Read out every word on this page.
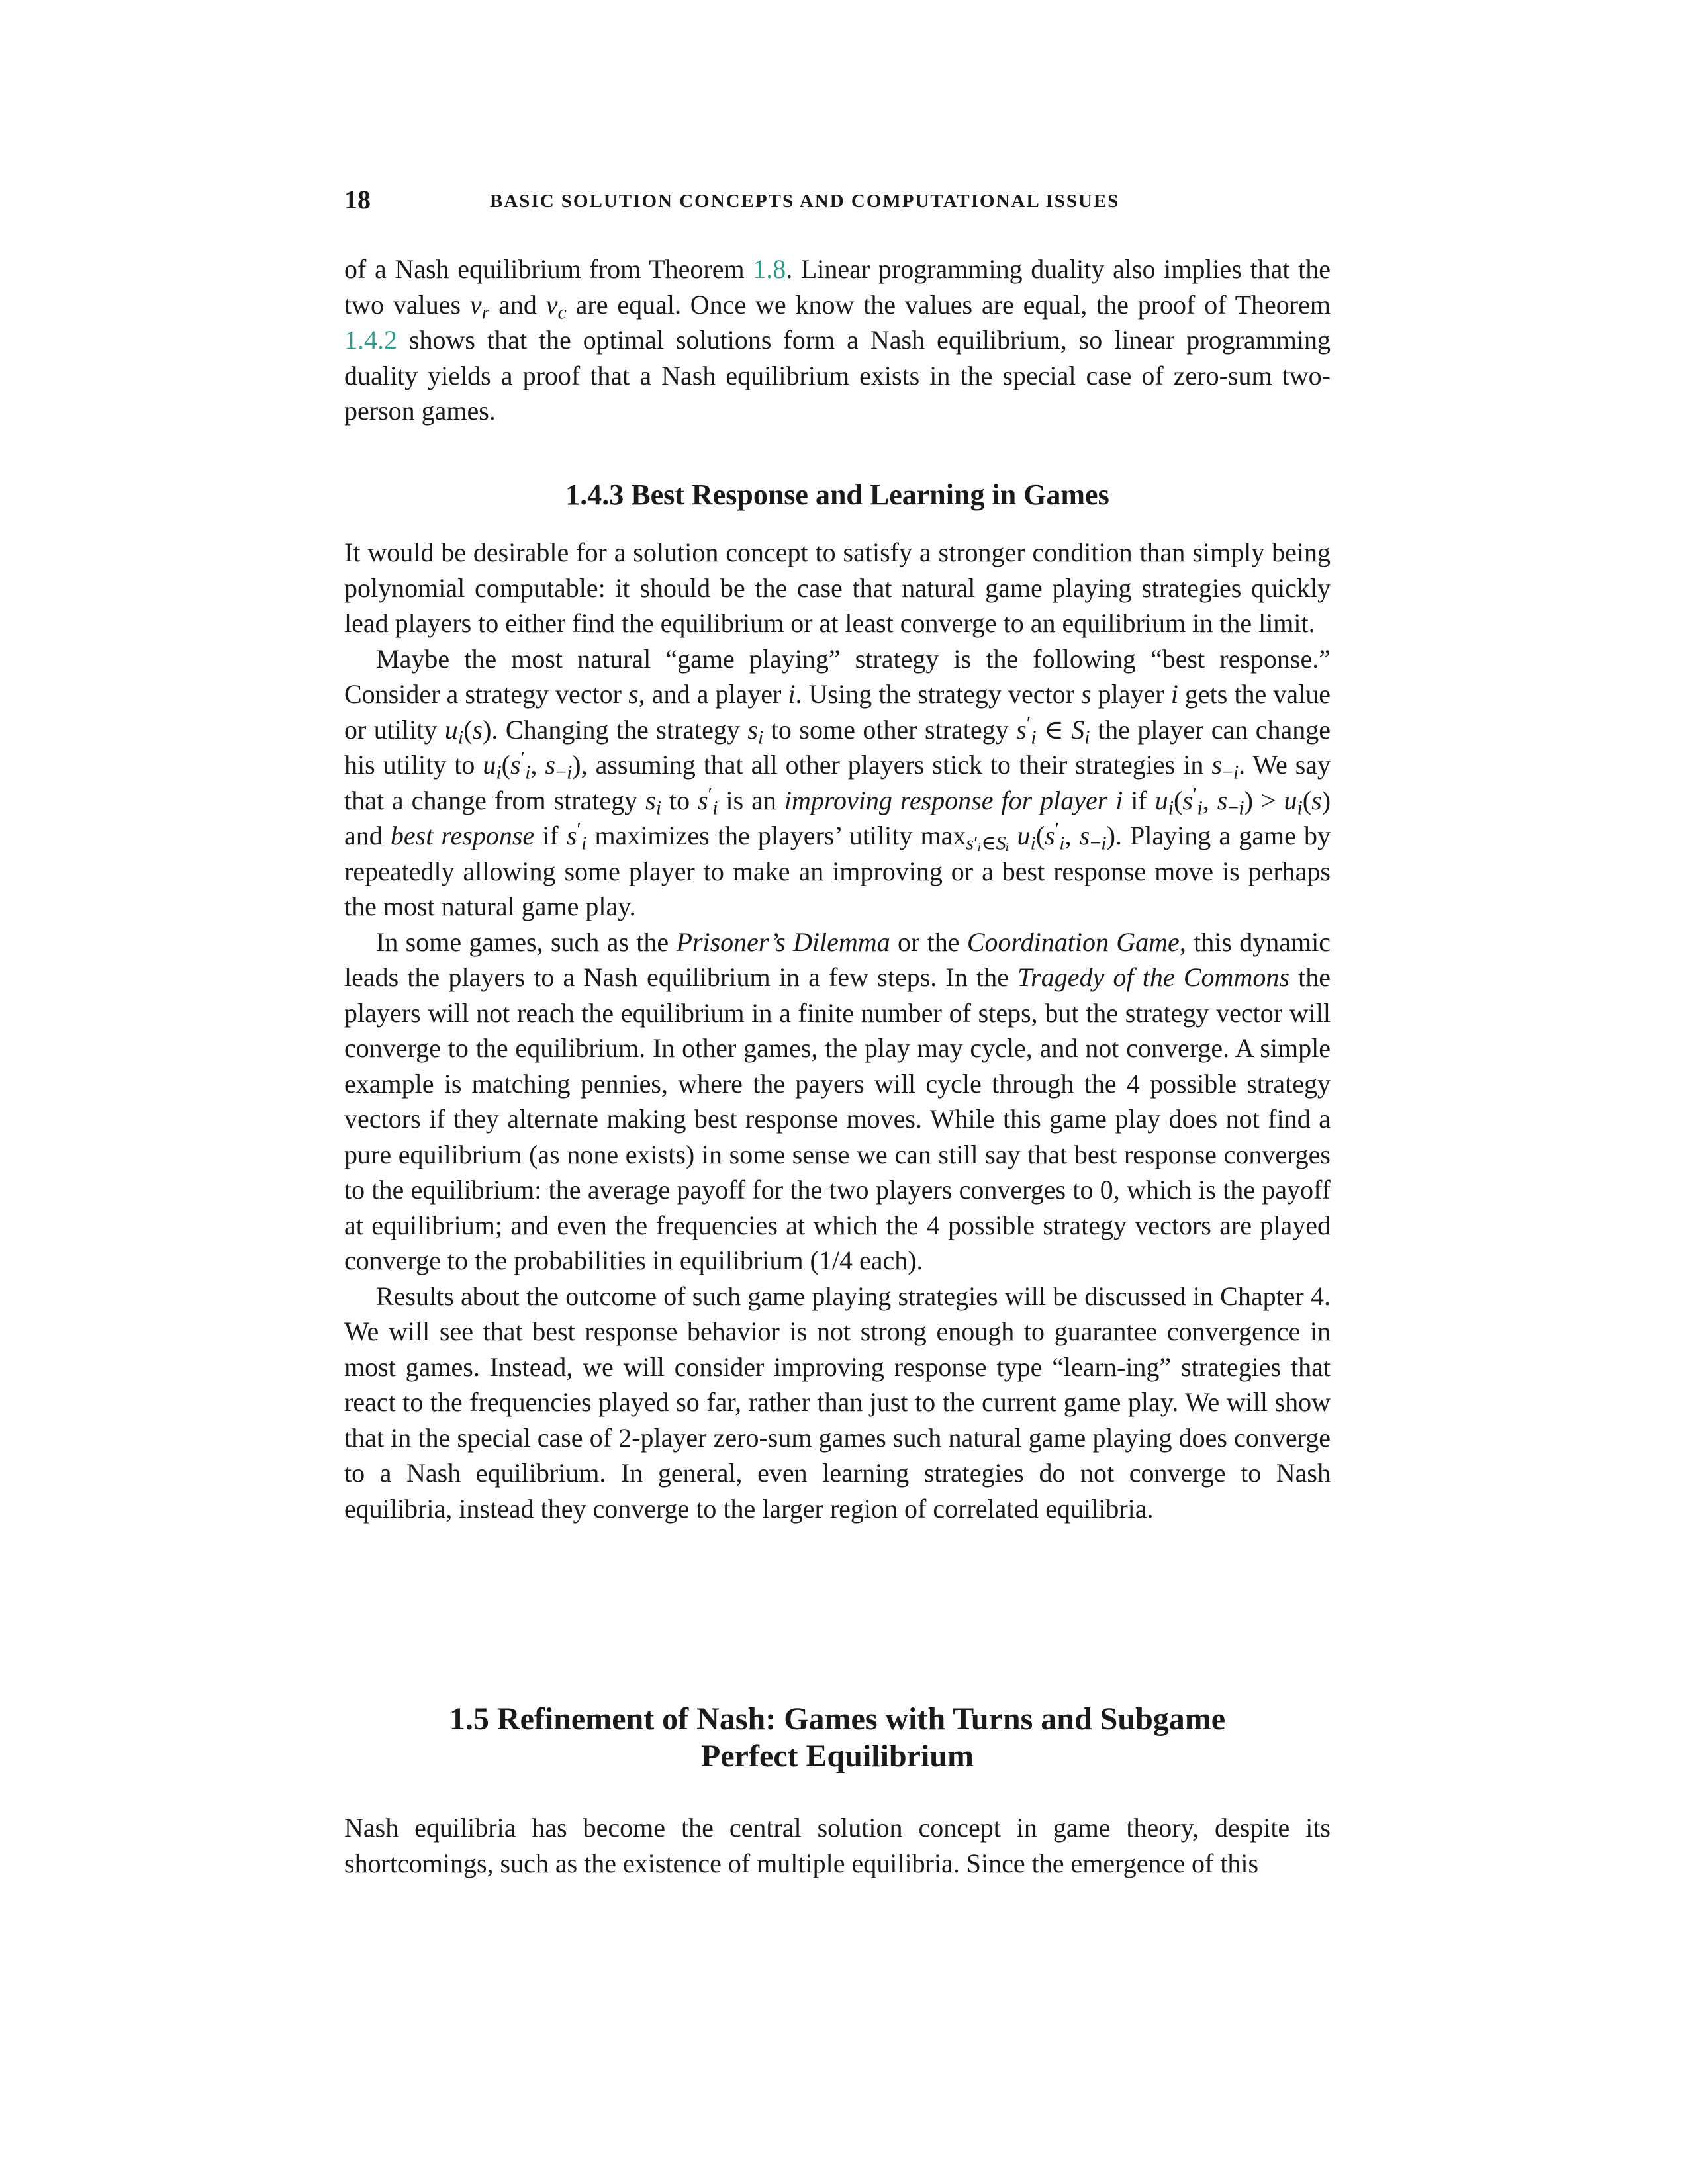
18	BASIC SOLUTION CONCEPTS AND COMPUTATIONAL ISSUES

of a Nash equilibrium from Theorem 1.8. Linear programming duality also implies that the two values $v_r$ and $v_c$ are equal. Once we know the values are equal, the proof of Theorem 1.4.2 shows that the optimal solutions form a Nash equilibrium, so linear programming duality yields a proof that a Nash equilibrium exists in the special case of zero-sum two-person games.

1.4.3 Best Response and Learning in Games

It would be desirable for a solution concept to satisfy a stronger condition than simply being polynomial computable: it should be the case that natural game playing strategies quickly lead players to either find the equilibrium or at least converge to an equilibrium in the limit.

Maybe the most natural “game playing” strategy is the following “best response.” Consider a strategy vector s, and a player i. Using the strategy vector s player i gets the value or utility $u_i(s)$. Changing the strategy $s_i$ to some other strategy $s'_i$ ∈ $S_i$ the player can change his utility to $u_i(s'_i$, $s_{-i}$), assuming that all other players stick to their strategies in $s_{-i}$. We say that a change from strategy $s_i$ to $s'_i$ is an improving response for player i if $u_i(s'_i$, $s_{-i}) > u_i(s)$ and best response if $s'_i$ maximizes the players’ utility $\max_{s'ᵢ\in Sᵢ} u_i(s'_i$, $s_{-i}$). Playing a game by repeatedly allowing some player to make an improving or a best response move is perhaps the most natural game play.

In some games, such as the Prisoner’s Dilemma or the Coordination Game, this dynamic leads the players to a Nash equilibrium in a few steps. In the Tragedy of the Commons the players will not reach the equilibrium in a finite number of steps, but the strategy vector will converge to the equilibrium. In other games, the play may cycle, and not converge. A simple example is matching pennies, where the payers will cycle through the 4 possible strategy vectors if they alternate making best response moves. While this game play does not find a pure equilibrium (as none exists) in some sense we can still say that best response converges to the equilibrium: the average payoff for the two players converges to 0, which is the payoff at equilibrium; and even the frequencies at which the 4 possible strategy vectors are played converge to the probabilities in equilibrium (1/4 each).

Results about the outcome of such game playing strategies will be discussed in Chapter 4. We will see that best response behavior is not strong enough to guarantee convergence in most games. Instead, we will consider improving response type “learn-ing” strategies that react to the frequencies played so far, rather than just to the current game play. We will show that in the special case of 2-player zero-sum games such natural game playing does converge to a Nash equilibrium. In general, even learning strategies do not converge to Nash equilibria, instead they converge to the larger region of correlated equilibria.

1.5 Refinement of Nash: Games with Turns and Subgame
Perfect Equilibrium

Nash equilibria has become the central solution concept in game theory, despite its shortcomings, such as the existence of multiple equilibria. Since the emergence of this
